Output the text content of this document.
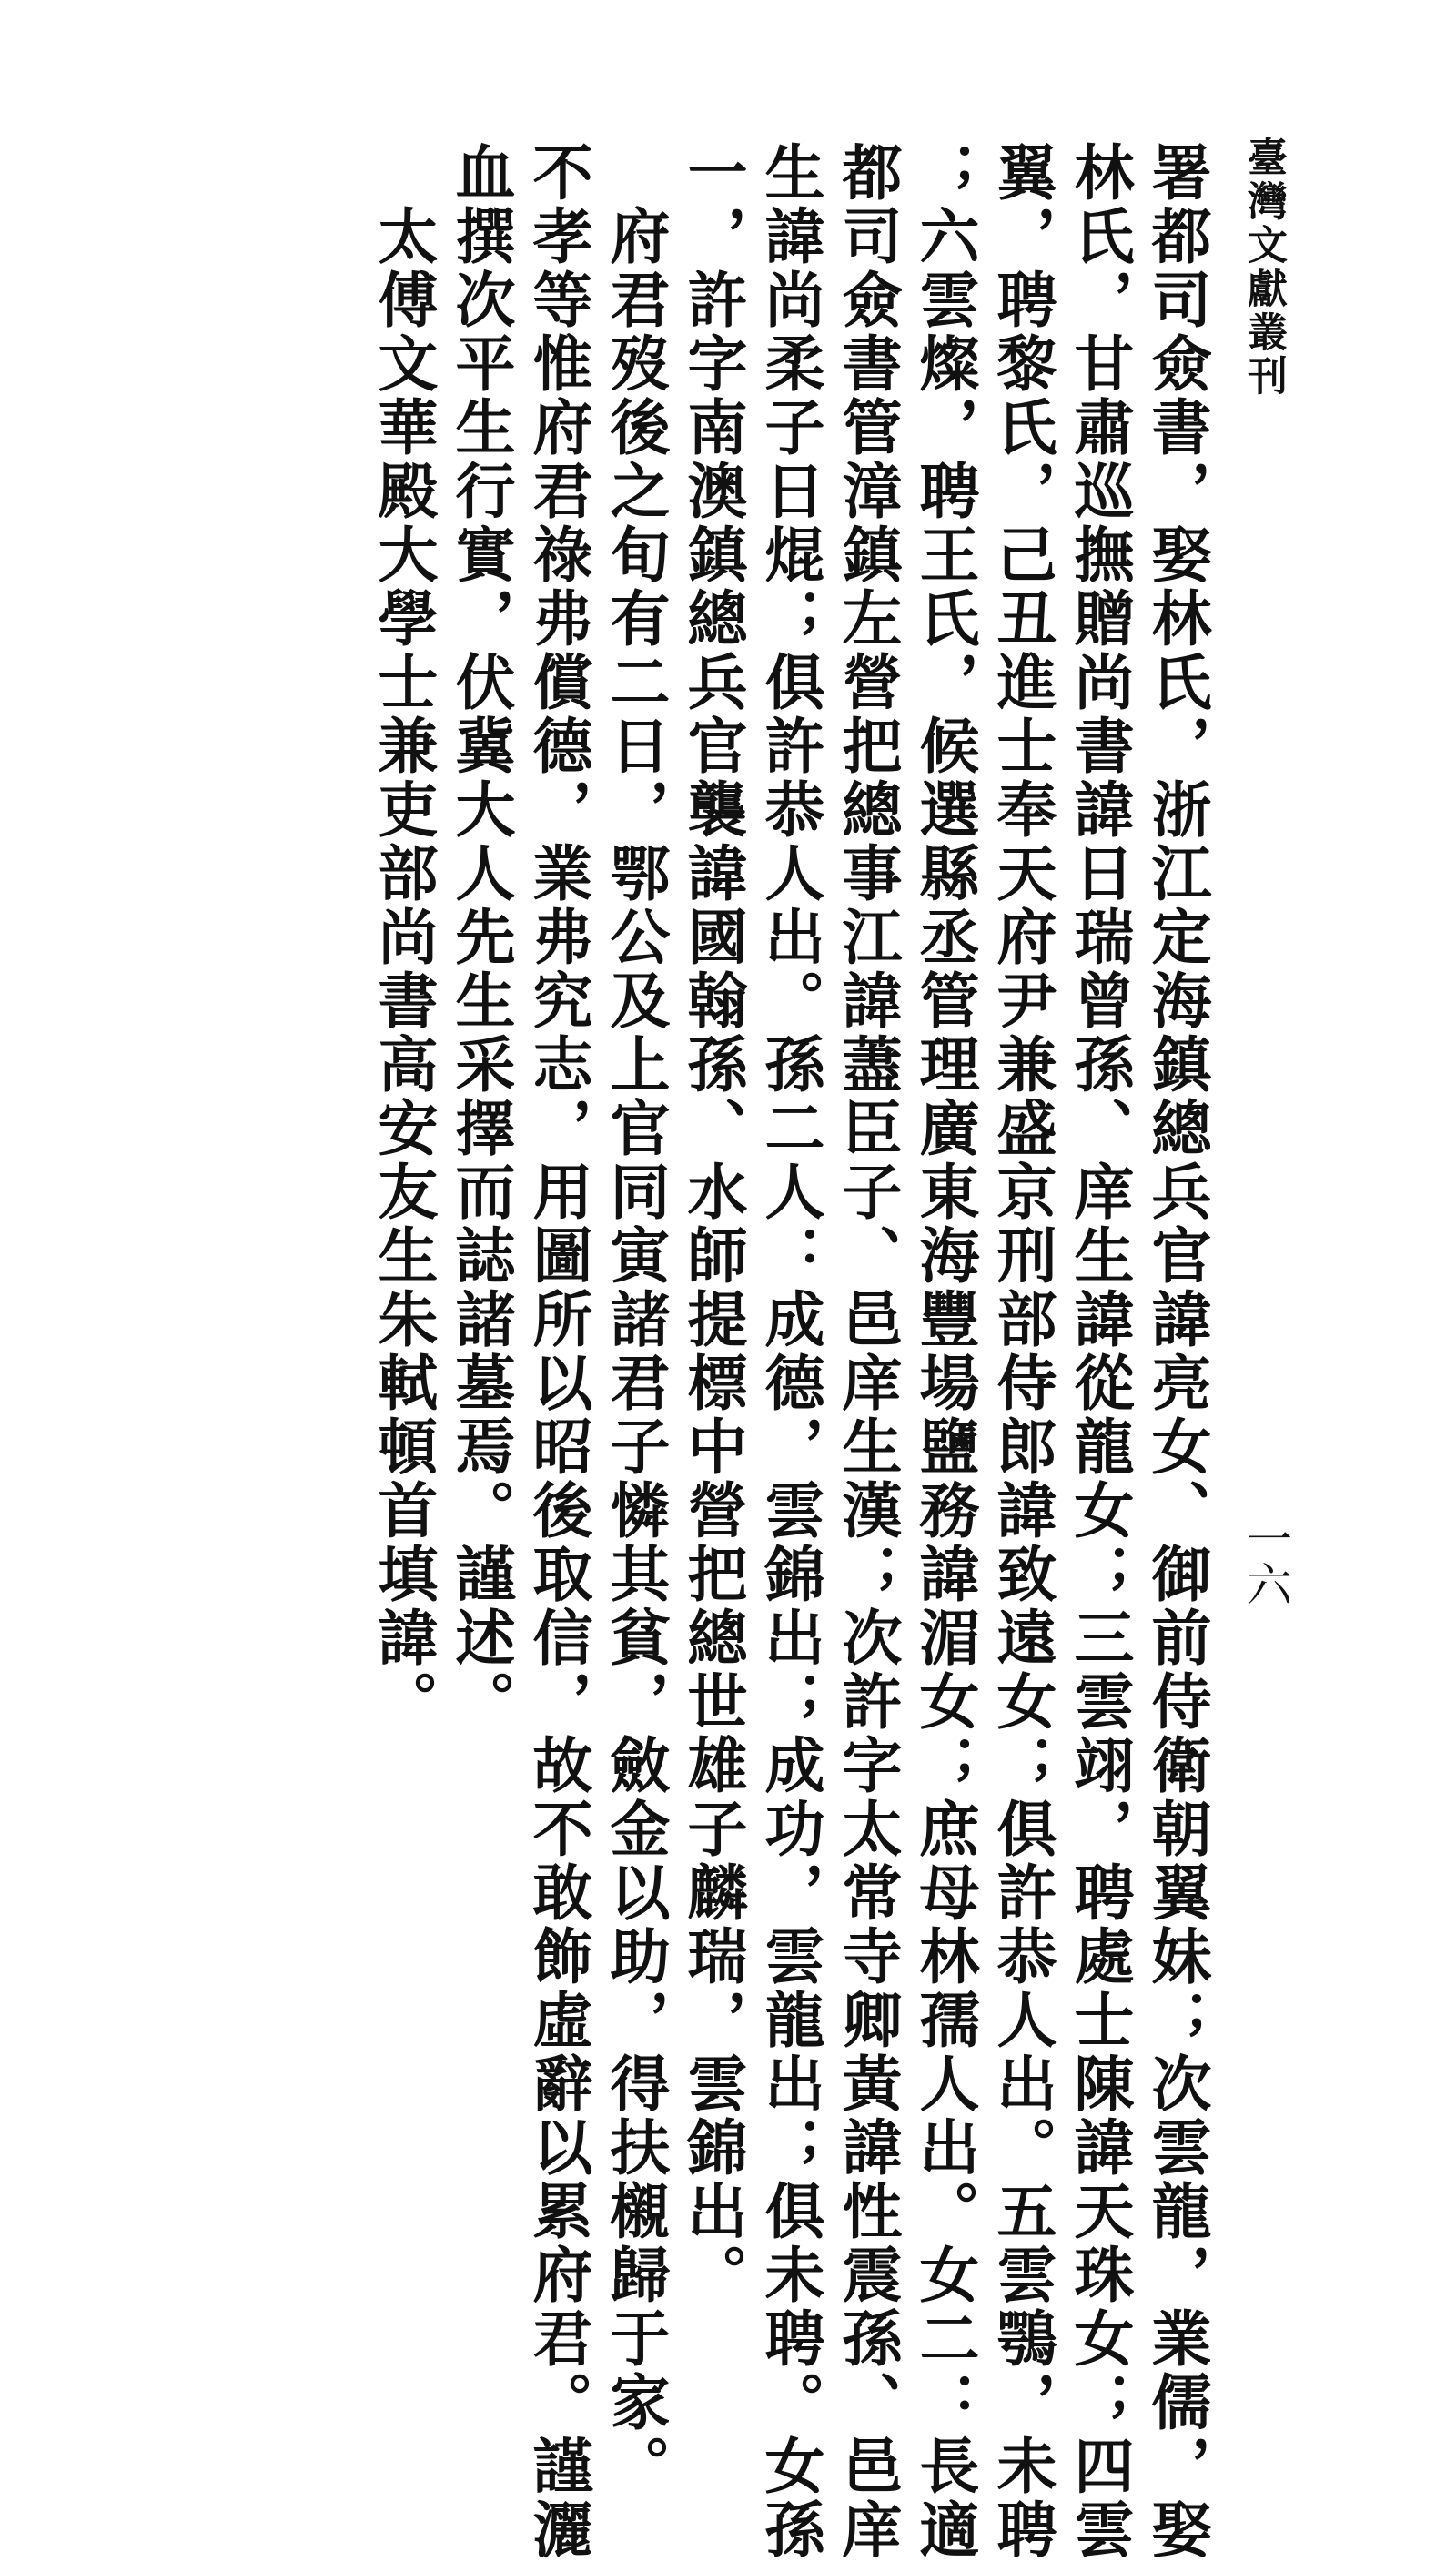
臺灣文獻叢刊
一六
署都司僉書，娶林氏，浙江定海鎮總兵官諱亮女、御前侍衛朝翼妹；次雲龍，業儒，娶
林氏，甘肅巡撫贈尚書諱日瑞曾孫、庠生諱從龍女；三雲翊，聘處士陳諱天珠女；四雲
翼，聘黎氏，己丑進士奉天府尹兼盛京刑部侍郎諱致遠女；俱許恭人出。五雲鶚，未聘
；六雲燦，聘王氏，候選縣丞管理廣東海豐場鹽務諱湄女；庶母林孺人出。女二：長適
都司僉書管漳鎮左營把總事江諱藎臣子、邑庠生漢；次許字太常寺卿黃諱性震孫、邑庠
生諱尚柔子日焜；俱許恭人出。孫二人：成德，雲錦出；成功，雲龍出；俱未聘。女孫
一，許字南澳鎮總兵官襲諱國翰孫、水師提標中營把總世雄子麟瑞，雲錦出。
　府君歿後之旬有二日，鄂公及上官同寅諸君子憐其貧，斂金以助，得扶櫬歸于家。
不孝等惟府君祿弗償德，業弗究志，用圖所以昭後取信，故不敢飾虛辭以累府君。謹灑
血撰次平生行實，伏冀大人先生采擇而誌諸墓焉。謹述。
　太傅文華殿大學士兼吏部尚書高安友生朱軾頓首填諱。
